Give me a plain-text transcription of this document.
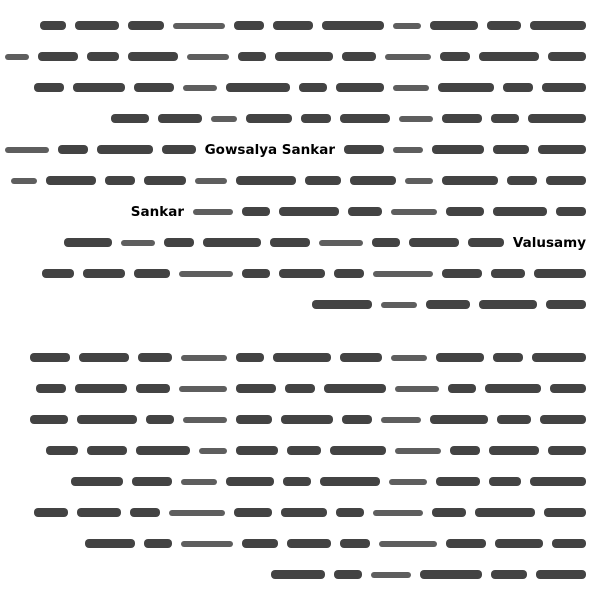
Gowsalya Sankar
Sankar
Valusamy
